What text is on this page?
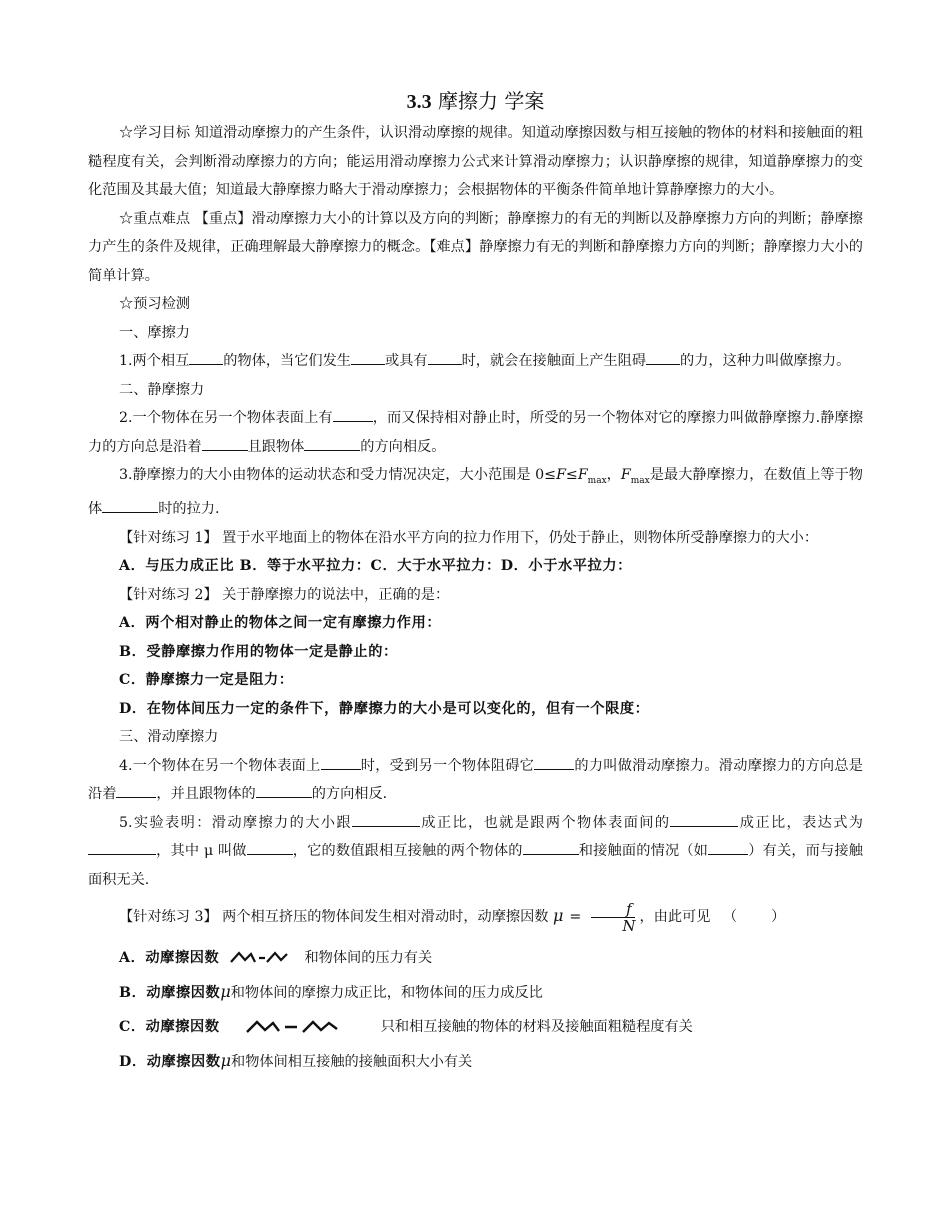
3.3 摩擦力 学案

☆学习目标 知道滑动摩擦力的产生条件，认识滑动摩擦的规律。知道动摩擦因数与相互接触的物体的材料和接触面的粗糙程度有关，会判断滑动摩擦力的方向；能运用滑动摩擦力公式来计算滑动摩擦力；认识静摩擦的规律，知道静摩擦力的变化范围及其最大值；知道最大静摩擦力略大于滑动摩擦力；会根据物体的平衡条件简单地计算静摩擦力的大小。

☆重点难点 【重点】滑动摩擦力大小的计算以及方向的判断；静摩擦力的有无的判断以及静摩擦力方向的判断；静摩擦力产生的条件及规律，正确理解最大静摩擦力的概念。【难点】静摩擦力有无的判断和静摩擦力方向的判断；静摩擦力大小的简单计算。

☆预习检测

一、摩擦力

1.两个相互 的物体，当它们发生 或具有 时，就会在接触面上产生阻碍 的力，这种力叫做摩擦力。

二、静摩擦力

2.一个物体在另一个物体表面上有	，而又保持相对静止时，所受的另一个物体对它的摩擦力叫做静摩擦力.静摩擦力的方向总是沿着	且跟物体	的方向相反。

3.静摩擦力的大小由物体的运动状态和受力情况决定，大小范围是 $0\le F\le F_{max}$，$F_{max}$是最大静摩擦力，在数值上等于物体	时的拉力.

【针对练习 1】 置于水平地面上的物体在沿水平方向的拉力作用下，仍处于静止，则物体所受静摩擦力的大小：

A．与压力成正比 B．等于水平拉力：C．大于水平拉力：D．小于水平拉力：

【针对练习 2】 关于静摩擦力的说法中，正确的是：

A．两个相对静止的物体之间一定有摩擦力作用：

B．受静摩擦力作用的物体一定是静止的：

C．静摩擦力一定是阻力：

D．在物体间压力一定的条件下，静摩擦力的大小是可以变化的，但有一个限度：

三、滑动摩擦力

4.一个物体在另一个物体表面上	时，受到另一个物体阻碍它	的力叫做滑动摩擦力。滑动摩擦力的方向总是沿着	，并且跟物体的	的方向相反.

5.实验表明：滑动摩擦力的大小跟	成正比，也就是跟两个物体表面间的	成正比，表达式为，其中 μ 叫做	，它的数值跟相互接触的两个物体的	和接触面的情况（如	）有关，而与接触面积无关.

【针对练习 3】 两个相互挤压的物体间发生相对滑动时，动摩擦因数 $\mu = \frac{f}{N}$ ，由此可见 （ ）

A．动摩擦因数	和物体间的压力有关

B．动摩擦因数μ和物体间的摩擦力成正比，和物体间的压力成反比

C．动摩擦因数	只和相互接触的物体的材料及接触面粗糙程度有关

D．动摩擦因数μ和物体间相互接触的接触面积大小有关
